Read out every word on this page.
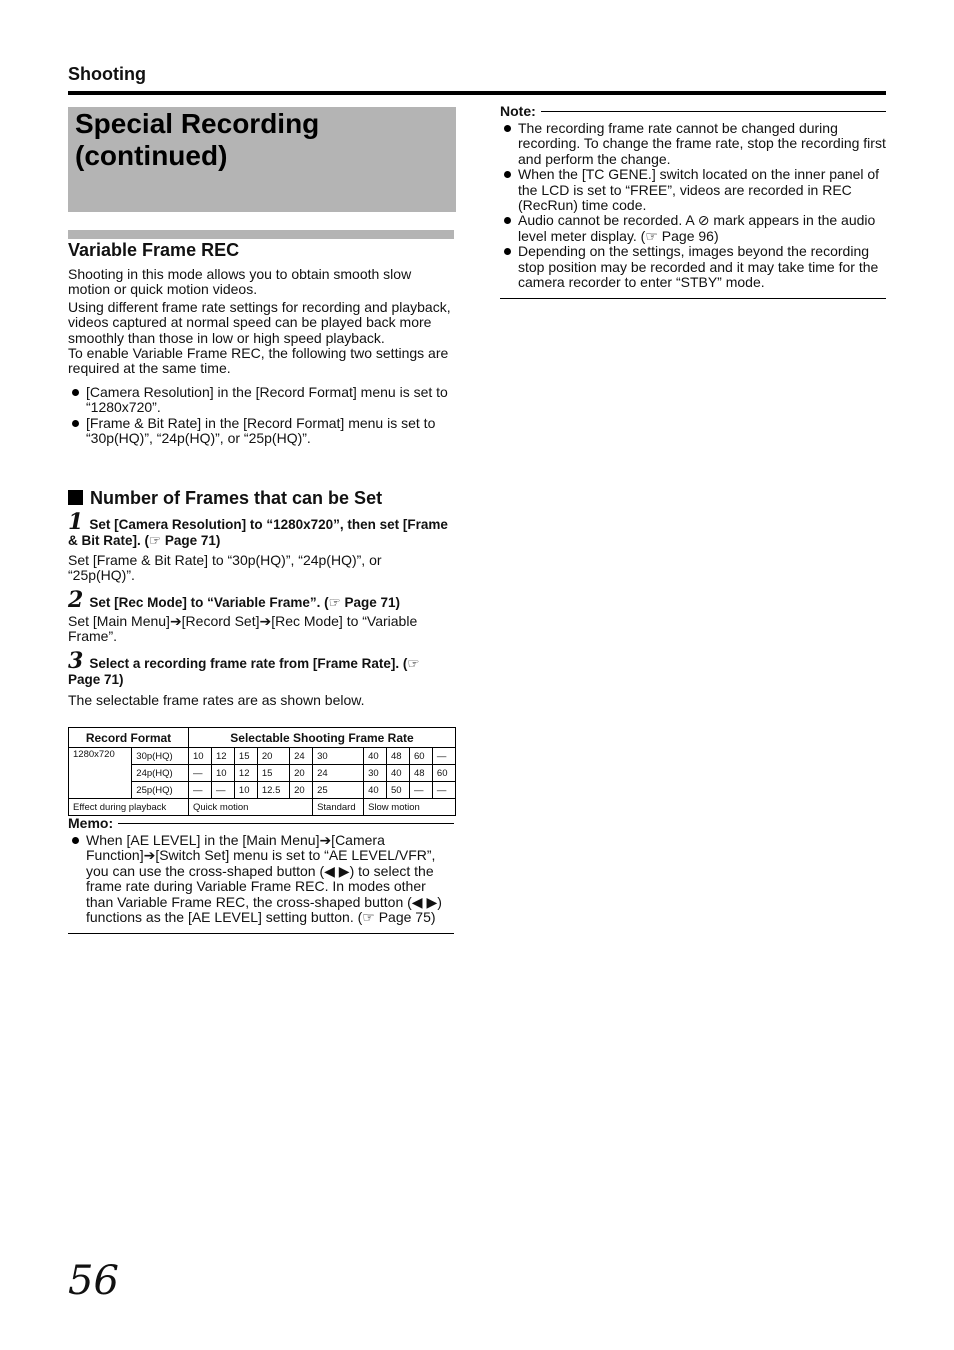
Shooting
Special Recording
(continued)
Variable Frame REC
Shooting in this mode allows you to obtain smooth slow motion or quick motion videos.
Using different frame rate settings for recording and playback, videos captured at normal speed can be played back more smoothly than those in low or high speed playback.
To enable Variable Frame REC, the following two settings are required at the same time.
[Camera Resolution] in the [Record Format] menu is set to “1280x720”.
[Frame & Bit Rate] in the [Record Format] menu is set to “30p(HQ)”, “24p(HQ)”, or “25p(HQ)”.
Number of Frames that can be Set
1 Set [Camera Resolution] to “1280x720”, then set [Frame & Bit Rate]. (☞ Page 71)
Set [Frame & Bit Rate] to “30p(HQ)”, “24p(HQ)”, or “25p(HQ)”.
2 Set [Rec Mode] to “Variable Frame”. (☞ Page 71)
Set [Main Menu]➔[Record Set]➔[Rec Mode] to “Variable Frame”.
3 Select a recording frame rate from [Frame Rate]. (☞ Page 71)
The selectable frame rates are as shown below.
Record Format		Selectable Shooting Frame Rate									
1280x720	30p(HQ)	10	12	15	20	24	30	40	48	60	—
	24p(HQ)	—	10	12	15	20	24	30	40	48	60
	25p(HQ)	—	—	10	12.5	20	25	40	50	—	—
Effect during playback		Quick motion					Standard	Slow motion			
Memo:
When [AE LEVEL] in the [Main Menu]➔[Camera Function]➔[Switch Set] menu is set to “AE LEVEL/VFR”, you can use the cross-shaped button (◀ ▶) to select the frame rate during Variable Frame REC. In modes other than Variable Frame REC, the cross-shaped button (◀ ▶) functions as the [AE LEVEL] setting button. (☞ Page 75)
Note:
The recording frame rate cannot be changed during recording. To change the frame rate, stop the recording first and perform the change.
When the [TC GENE.] switch located on the inner panel of the LCD is set to “FREE”, videos are recorded in REC (RecRun) time code.
Audio cannot be recorded. A ⊘ mark appears in the audio level meter display. (☞ Page 96)
Depending on the settings, images beyond the recording stop position may be recorded and it may take time for the camera recorder to enter “STBY” mode.
56
